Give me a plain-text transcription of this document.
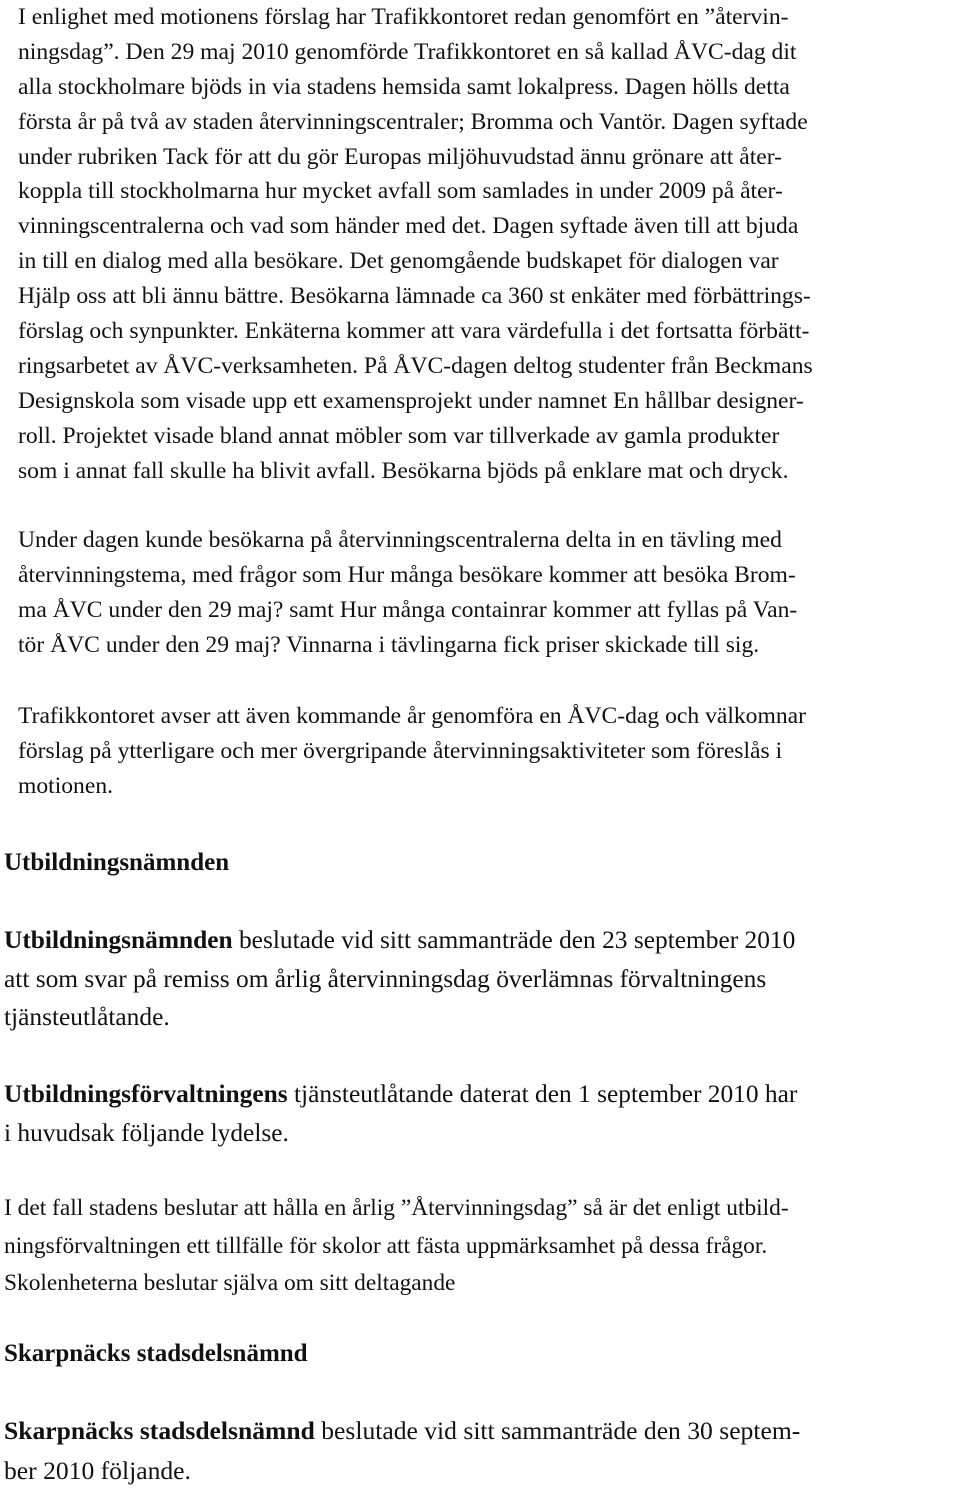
I enlighet med motionens förslag har Trafikkontoret redan genomfört en ”återvin-
ningsdag”. Den 29 maj 2010 genomförde Trafikkontoret en så kallad ÅVC-dag dit
alla stockholmare bjöds in via stadens hemsida samt lokalpress. Dagen hölls detta
första år på två av staden återvinningscentraler; Bromma och Vantör. Dagen syftade
under rubriken Tack för att du gör Europas miljöhuvudstad ännu grönare att åter-
koppla till stockholmarna hur mycket avfall som samlades in under 2009 på åter-
vinningscentralerna och vad som händer med det. Dagen syftade även till att bjuda
in till en dialog med alla besökare. Det genomgående budskapet för dialogen var
Hjälp oss att bli ännu bättre. Besökarna lämnade ca 360 st enkäter med förbättrings-
förslag och synpunkter. Enkäterna kommer att vara värdefulla i det fortsatta förbätt-
ringsarbetet av ÅVC-verksamheten. På ÅVC-dagen deltog studenter från Beckmans
Designskola som visade upp ett examensprojekt under namnet En hållbar designer-
roll. Projektet visade bland annat möbler som var tillverkade av gamla produkter
som i annat fall skulle ha blivit avfall. Besökarna bjöds på enklare mat och dryck.
Under dagen kunde besökarna på återvinningscentralerna delta in en tävling med
återvinningstema, med frågor som Hur många besökare kommer att besöka Brom-
ma ÅVC under den 29 maj? samt Hur många containrar kommer att fyllas på Van-
tör ÅVC under den 29 maj? Vinnarna i tävlingarna fick priser skickade till sig.
Trafikkontoret avser att även kommande år genomföra en ÅVC-dag och välkomnar
förslag på ytterligare och mer övergripande återvinningsaktiviteter som föreslås i
motionen.
Utbildningsnämnden
Utbildningsnämnden beslutade vid sitt sammanträde den 23 september 2010
att som svar på remiss om årlig återvinningsdag överlämnas förvaltningens
tjänsteutlåtande.
Utbildningsförvaltningens tjänsteutlåtande daterat den 1 september 2010 har
i huvudsak följande lydelse.
I det fall stadens beslutar att hålla en årlig ”Återvinningsdag” så är det enligt utbild-
ningsförvaltningen ett tillfälle för skolor att fästa uppmärksamhet på dessa frågor.
Skolenheterna beslutar själva om sitt deltagande
Skarpnäcks stadsdelsnämnd
Skarpnäcks stadsdelsnämnd beslutade vid sitt sammanträde den 30 septem-
ber 2010 följande.
